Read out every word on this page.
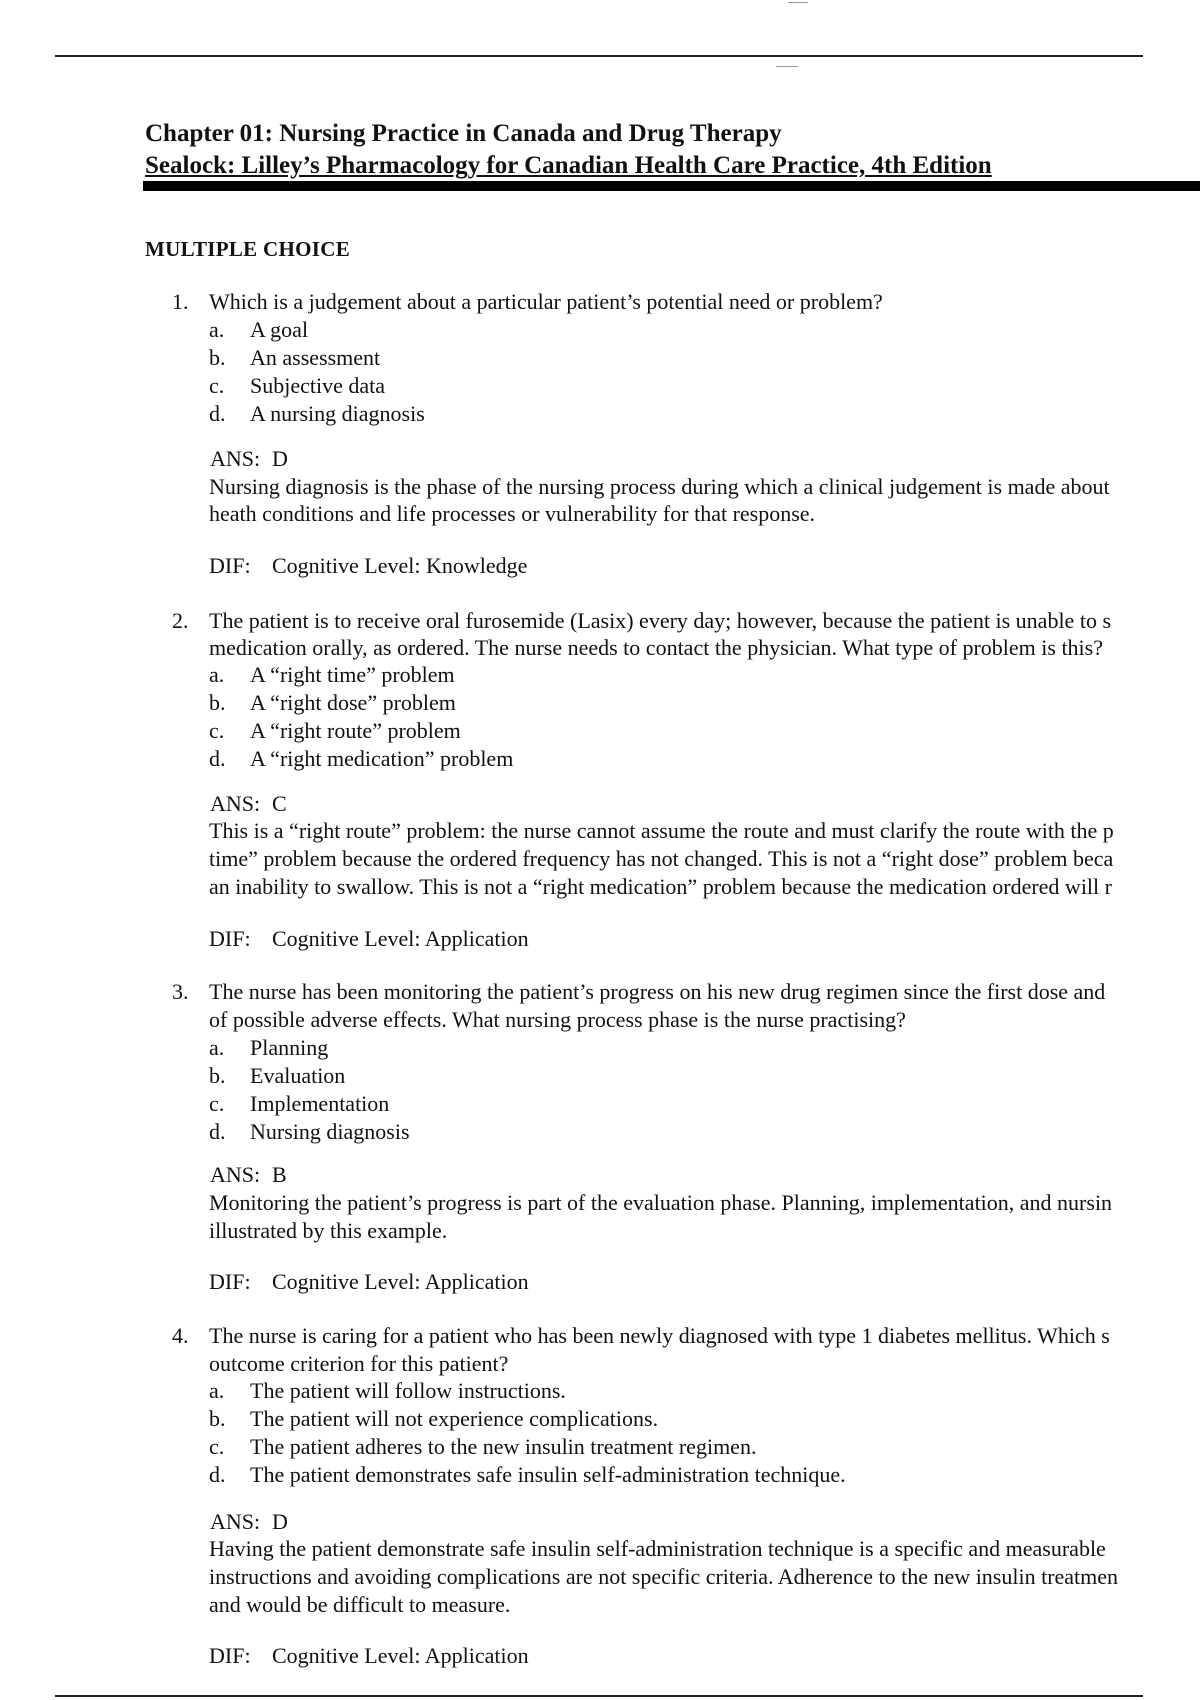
Chapter 01: Nursing Practice in Canada and Drug Therapy
Sealock: Lilley’s Pharmacology for Canadian Health Care Practice, 4th Edition
MULTIPLE CHOICE
1. Which is a judgement about a particular patient’s potential need or problem?
a. A goal
b. An assessment
c. Subjective data
d. A nursing diagnosis
ANS: D
Nursing diagnosis is the phase of the nursing process during which a clinical judgement is made about
heath conditions and life processes or vulnerability for that response.
DIF: Cognitive Level: Knowledge
2. The patient is to receive oral furosemide (Lasix) every day; however, because the patient is unable to s
medication orally, as ordered. The nurse needs to contact the physician. What type of problem is this?
a. A “right time” problem
b. A “right dose” problem
c. A “right route” problem
d. A “right medication” problem
ANS: C
This is a “right route” problem: the nurse cannot assume the route and must clarify the route with the p
time” problem because the ordered frequency has not changed. This is not a “right dose” problem beca
an inability to swallow. This is not a “right medication” problem because the medication ordered will r
DIF: Cognitive Level: Application
3. The nurse has been monitoring the patient’s progress on his new drug regimen since the first dose and
of possible adverse effects. What nursing process phase is the nurse practising?
a. Planning
b. Evaluation
c. Implementation
d. Nursing diagnosis
ANS: B
Monitoring the patient’s progress is part of the evaluation phase. Planning, implementation, and nursin
illustrated by this example.
DIF: Cognitive Level: Application
4. The nurse is caring for a patient who has been newly diagnosed with type 1 diabetes mellitus. Which s
outcome criterion for this patient?
a. The patient will follow instructions.
b. The patient will not experience complications.
c. The patient adheres to the new insulin treatment regimen.
d. The patient demonstrates safe insulin self-administration technique.
ANS: D
Having the patient demonstrate safe insulin self-administration technique is a specific and measurable
instructions and avoiding complications are not specific criteria. Adherence to the new insulin treatmen
and would be difficult to measure.
DIF: Cognitive Level: Application
